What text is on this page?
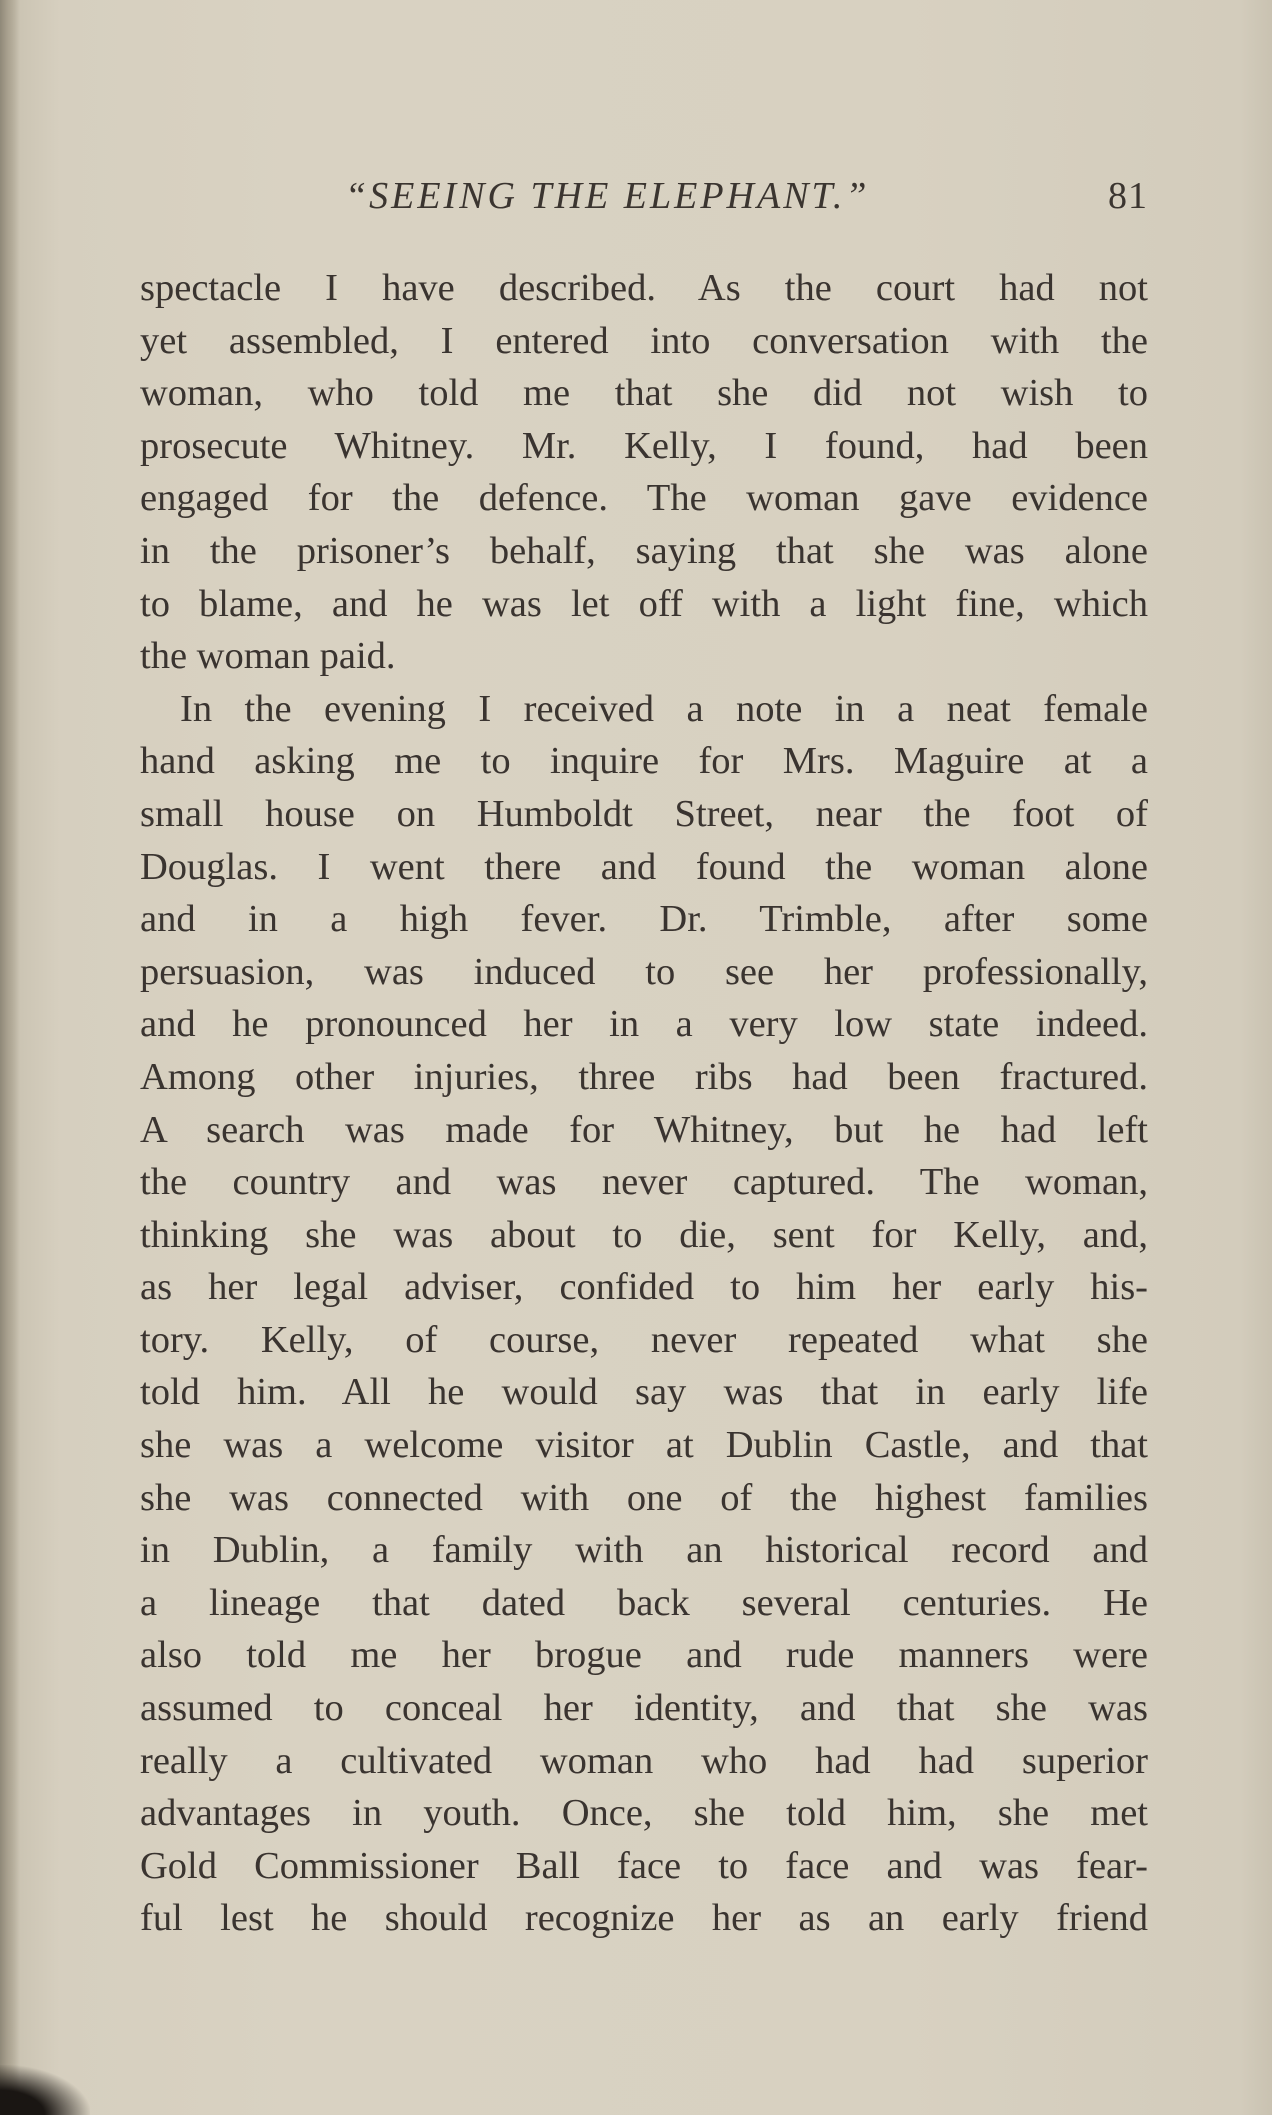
“SEEING THE ELEPHANT.”	81
spectacle I have described. As the court had not
yet assembled, I entered into conversation with the
woman, who told me that she did not wish to
prosecute Whitney. Mr. Kelly, I found, had been
engaged for the defence. The woman gave evidence
in the prisoner’s behalf, saying that she was alone
to blame, and he was let off with a light fine, which
the woman paid.
In the evening I received a note in a neat female
hand asking me to inquire for Mrs. Maguire at a
small house on Humboldt Street, near the foot of
Douglas. I went there and found the woman alone
and in a high fever. Dr. Trimble, after some
persuasion, was induced to see her professionally,
and he pronounced her in a very low state indeed.
Among other injuries, three ribs had been fractured.
A search was made for Whitney, but he had left
the country and was never captured. The woman,
thinking she was about to die, sent for Kelly, and,
as her legal adviser, confided to him her early his-
tory. Kelly, of course, never repeated what she
told him. All he would say was that in early life
she was a welcome visitor at Dublin Castle, and that
she was connected with one of the highest families
in Dublin, a family with an historical record and
a lineage that dated back several centuries. He
also told me her brogue and rude manners were
assumed to conceal her identity, and that she was
really a cultivated woman who had had superior
advantages in youth. Once, she told him, she met
Gold Commissioner Ball face to face and was fear-
ful lest he should recognize her as an early friend
